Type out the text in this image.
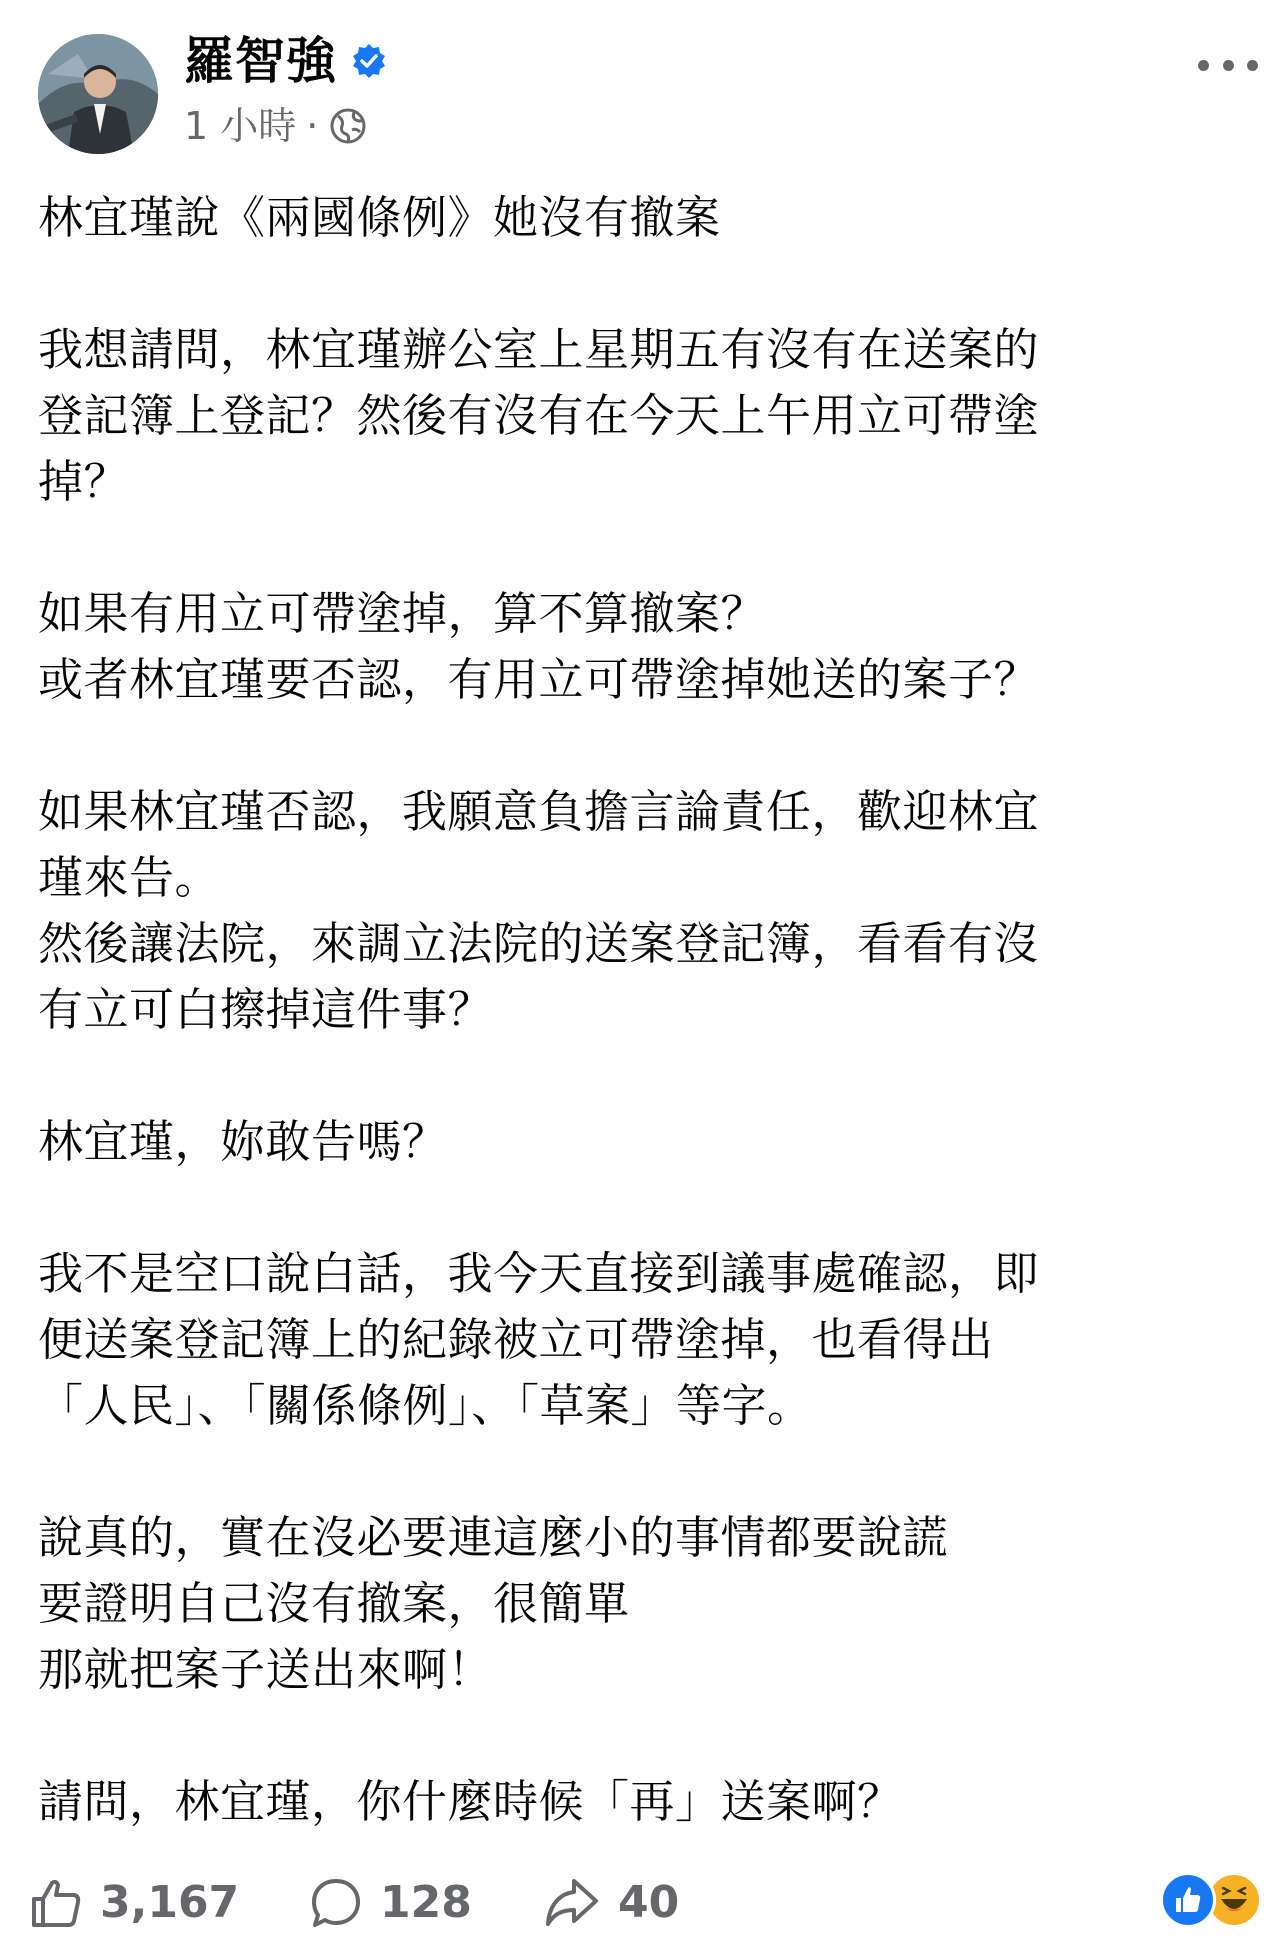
羅智強
1 小時 ·
林宜瑾說《兩國條例》她沒有撤案
我想請問，林宜瑾辦公室上星期五有沒有在送案的
登記簿上登記？然後有沒有在今天上午用立可帶塗
掉？
如果有用立可帶塗掉，算不算撤案？
或者林宜瑾要否認，有用立可帶塗掉她送的案子？
如果林宜瑾否認，我願意負擔言論責任，歡迎林宜
瑾來告。
然後讓法院，來調立法院的送案登記簿，看看有沒
有立可白擦掉這件事？
林宜瑾，妳敢告嗎？
我不是空口說白話，我今天直接到議事處確認，即
便送案登記簿上的紀錄被立可帶塗掉，也看得出
「人民」、「關係條例」、「草案」等字。
說真的，實在沒必要連這麼小的事情都要說謊
要證明自己沒有撤案，很簡單
那就把案子送出來啊！
請問，林宜瑾，你什麼時候「再」送案啊？
3,167	128	40
